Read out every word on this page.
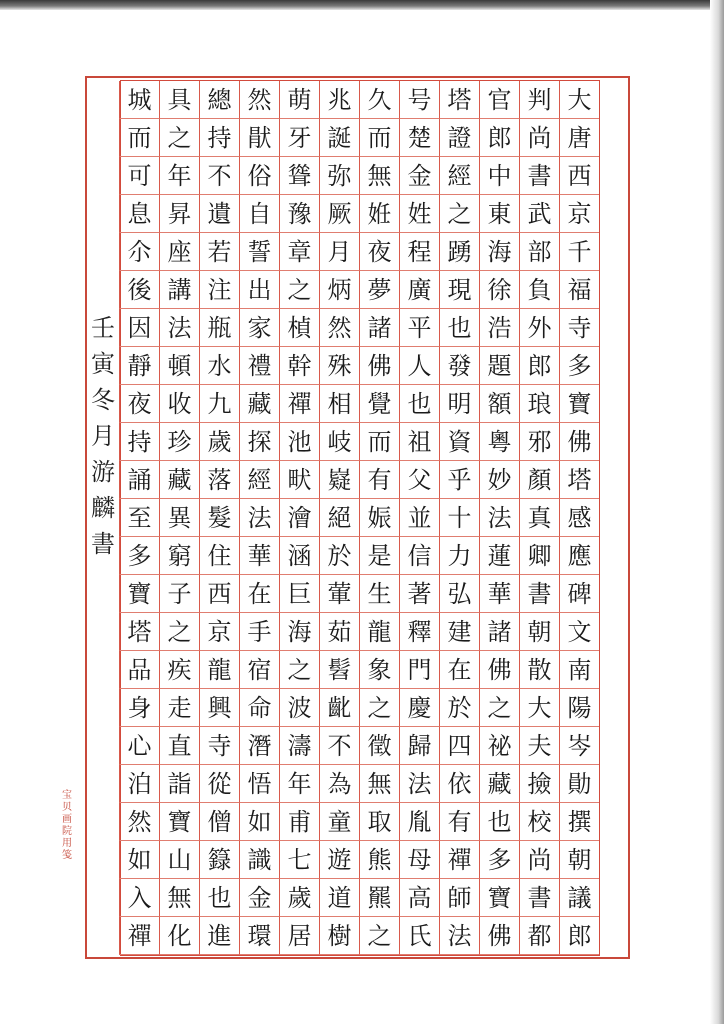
大
唐
西
京
千
福
寺
多
寶
佛
塔
感
應
碑
文
南
陽
岑
勛
撰
朝
議
郎
判
尚
書
武
部
負
外
郎
琅
邪
顏
真
卿
書
朝
散
大
夫
撿
校
尚
書
都
官
郎
中
東
海
徐
浩
題
額
粵
妙
法
蓮
華
諸
佛
之
祕
藏
也
多
寶
佛
塔
證
經
之
踴
現
也
發
明
資
乎
十
力
弘
建
在
於
四
依
有
禪
師
法
号
楚
金
姓
程
廣
平
人
也
祖
父
並
信
著
釋
門
慶
歸
法
胤
母
高
氏
久
而
無
姙
夜
夢
諸
佛
覺
而
有
娠
是
生
龍
象
之
徵
無
取
熊
羆
之
兆
誕
弥
厥
月
炳
然
殊
相
岐
嶷
絕
於
葷
茹
髫
齔
不
為
童
遊
道
樹
萌
牙
聳
豫
章
之
楨
幹
禪
池
畎
澮
涵
巨
海
之
波
濤
年
甫
七
歲
居
然
猒
俗
自
誓
出
家
禮
藏
探
經
法
華
在
手
宿
命
潛
悟
如
識
金
環
總
持
不
遺
若
注
瓶
水
九
歲
落
髮
住
西
京
龍
興
寺
從
僧
籙
也
進
具
之
年
昇
座
講
法
頓
收
珍
藏
異
窮
子
之
疾
走
直
詣
寶
山
無
化
城
而
可
息
尒
後
因
靜
夜
持
誦
至
多
寶
塔
品
身
心
泊
然
如
入
禪
壬
寅
冬
月
游
麟
書
宝
贝
画
院
用
笺
